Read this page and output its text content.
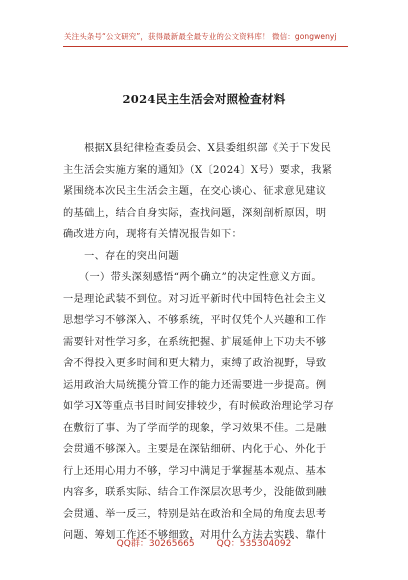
关注头条号“公文研究”，获得最新最全最专业的公文资料库！ 微信：gongwenyj
2024民主生活会对照检查材料
　　根据X县纪律检查委员会、X县委组织部《关于下发民
主生活会实施方案的通知》（X〔2024〕X号）要求，我紧
紧围绕本次民主生活会主题，在交心谈心、征求意见建议
的基础上，结合自身实际，查找问题，深刻剖析原因，明
确改进方向，现将有关情况报告如下：
　　一、存在的突出问题
　　（一）带头深刻感悟“两个确立”的决定性意义方面。
一是理论武装不到位。对习近平新时代中国特色社会主义
思想学习不够深入、不够系统，平时仅凭个人兴趣和工作
需要针对性学习多，在系统把握、扩展延伸上下功夫不够
舍不得投入更多时间和更大精力，束缚了政治视野，导致
运用政治大局统揽分管工作的能力还需要进一步提高。例
如学习X等重点书目时间安排较少，有时候政治理论学习存
在敷衍了事、为了学而学的现象，学习效果不佳。二是融
会贯通不够深入。主要是在深钻细研、内化于心、外化于
行上还用心用力不够，学习中满足于掌握基本观点、基本
内容多，联系实际、结合工作深层次思考少，没能做到融
会贯通、举一反三，特别是站在政治和全局的角度去思考
问题、筹划工作还不够细致，对用什么方法去实践、靠什
QQ群：30265665 QQ：535304092
